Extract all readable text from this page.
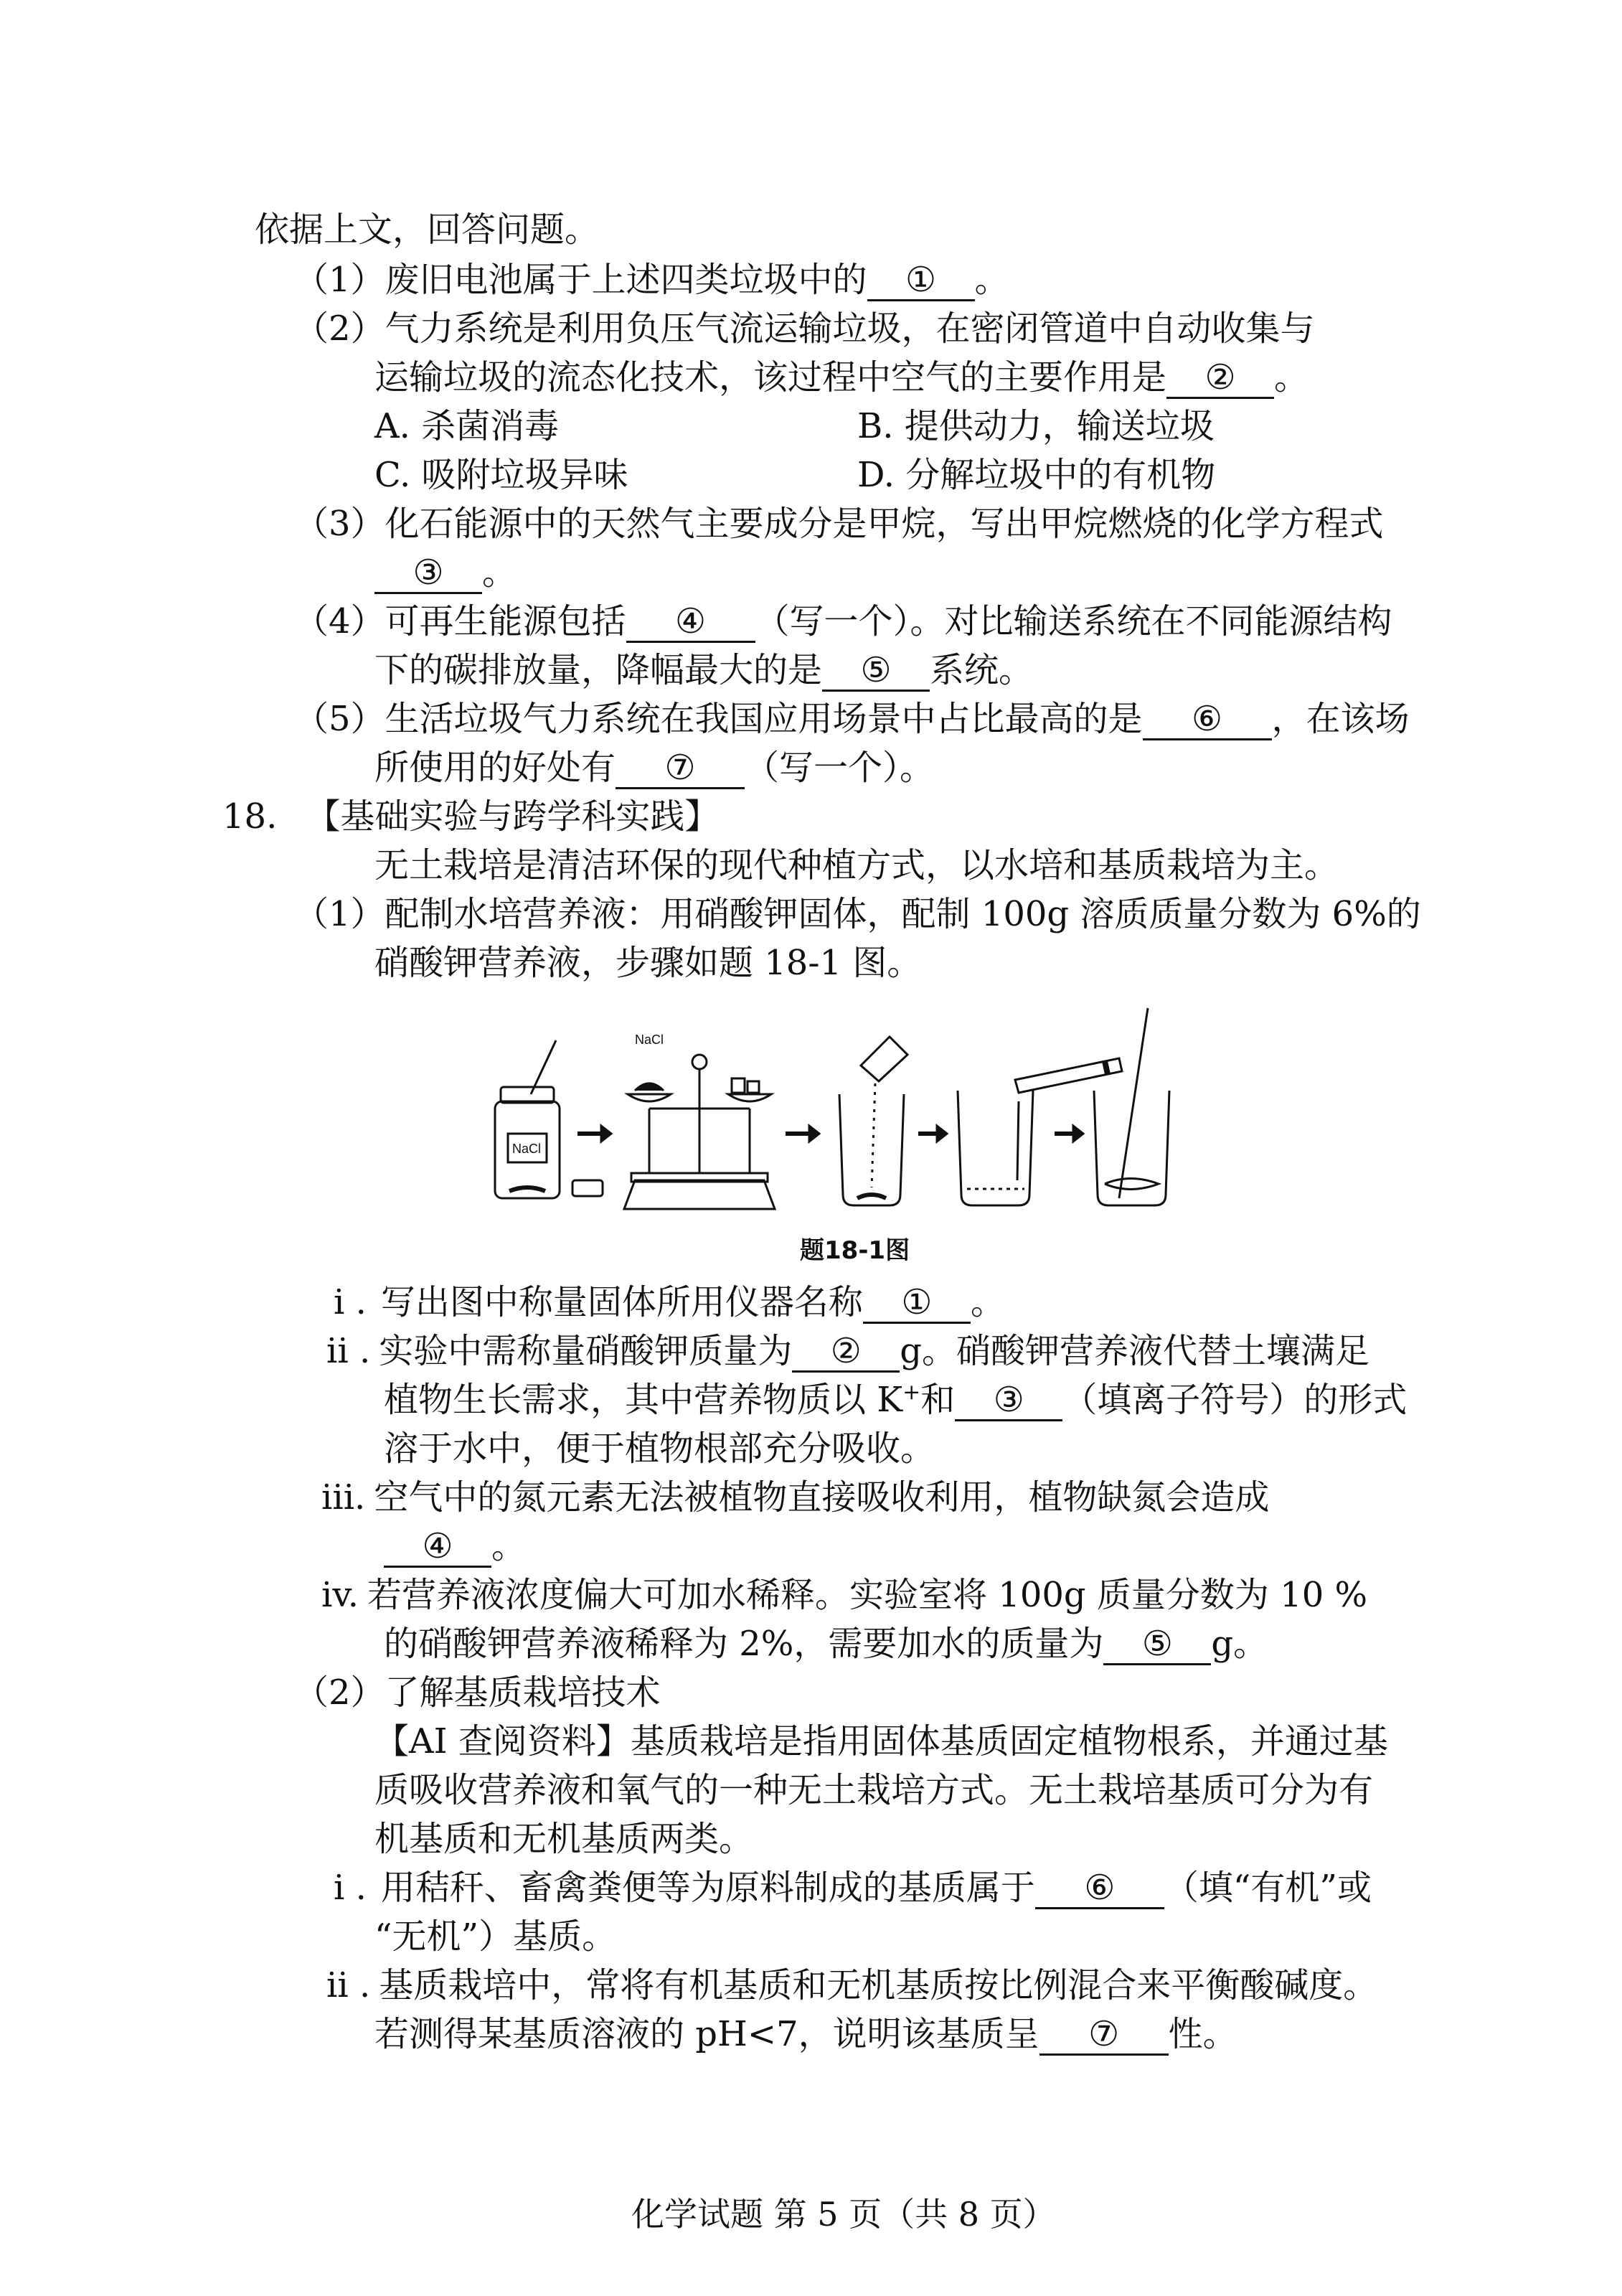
依据上文，回答问题。
（1）废旧电池属于上述四类垃圾中的 ① 。
（2）气力系统是利用负压气流运输垃圾，在密闭管道中自动收集与
运输垃圾的流态化技术，该过程中空气的主要作用是 ② 。
A. 杀菌消毒	B. 提供动力，输送垃圾
C. 吸附垃圾异味	D. 分解垃圾中的有机物
（3）化石能源中的天然气主要成分是甲烷，写出甲烷燃烧的化学方程式
③ 。
（4）可再生能源包括 ④ （写一个）。对比输送系统在不同能源结构
下的碳排放量，降幅最大的是 ⑤ 系统。
（5）生活垃圾气力系统在我国应用场景中占比最高的是 ⑥ ，在该场
所使用的好处有 ⑦ （写一个）。
18. 【基础实验与跨学科实践】
无土栽培是清洁环保的现代种植方式，以水培和基质栽培为主。
（1）配制水培营养液：用硝酸钾固体，配制 100g 溶质质量分数为 6%的
硝酸钾营养液，步骤如题 18-1 图。
NaCl
NaCl
题18-1图
i . 写出图中称量固体所用仪器名称 ① 。
ii . 实验中需称量硝酸钾质量为 ② g。硝酸钾营养液代替土壤满足
植物生长需求，其中营养物质以 K+和 ③ （填离子符号）的形式
溶于水中，便于植物根部充分吸收。
iii. 空气中的氮元素无法被植物直接吸收利用，植物缺氮会造成
④ 。
iv. 若营养液浓度偏大可加水稀释。实验室将 100g 质量分数为 10 %
的硝酸钾营养液稀释为 2%，需要加水的质量为 ⑤ g。
（2）了解基质栽培技术
【AI 查阅资料】基质栽培是指用固体基质固定植物根系，并通过基
质吸收营养液和氧气的一种无土栽培方式。无土栽培基质可分为有
机基质和无机基质两类。
i . 用秸秆、畜禽粪便等为原料制成的基质属于 ⑥ （填“有机”或
“无机”）基质。
ii . 基质栽培中，常将有机基质和无机基质按比例混合来平衡酸碱度。
若测得某基质溶液的 pH<7，说明该基质呈 ⑦ 性。
化学试题 第 5 页（共 8 页）
